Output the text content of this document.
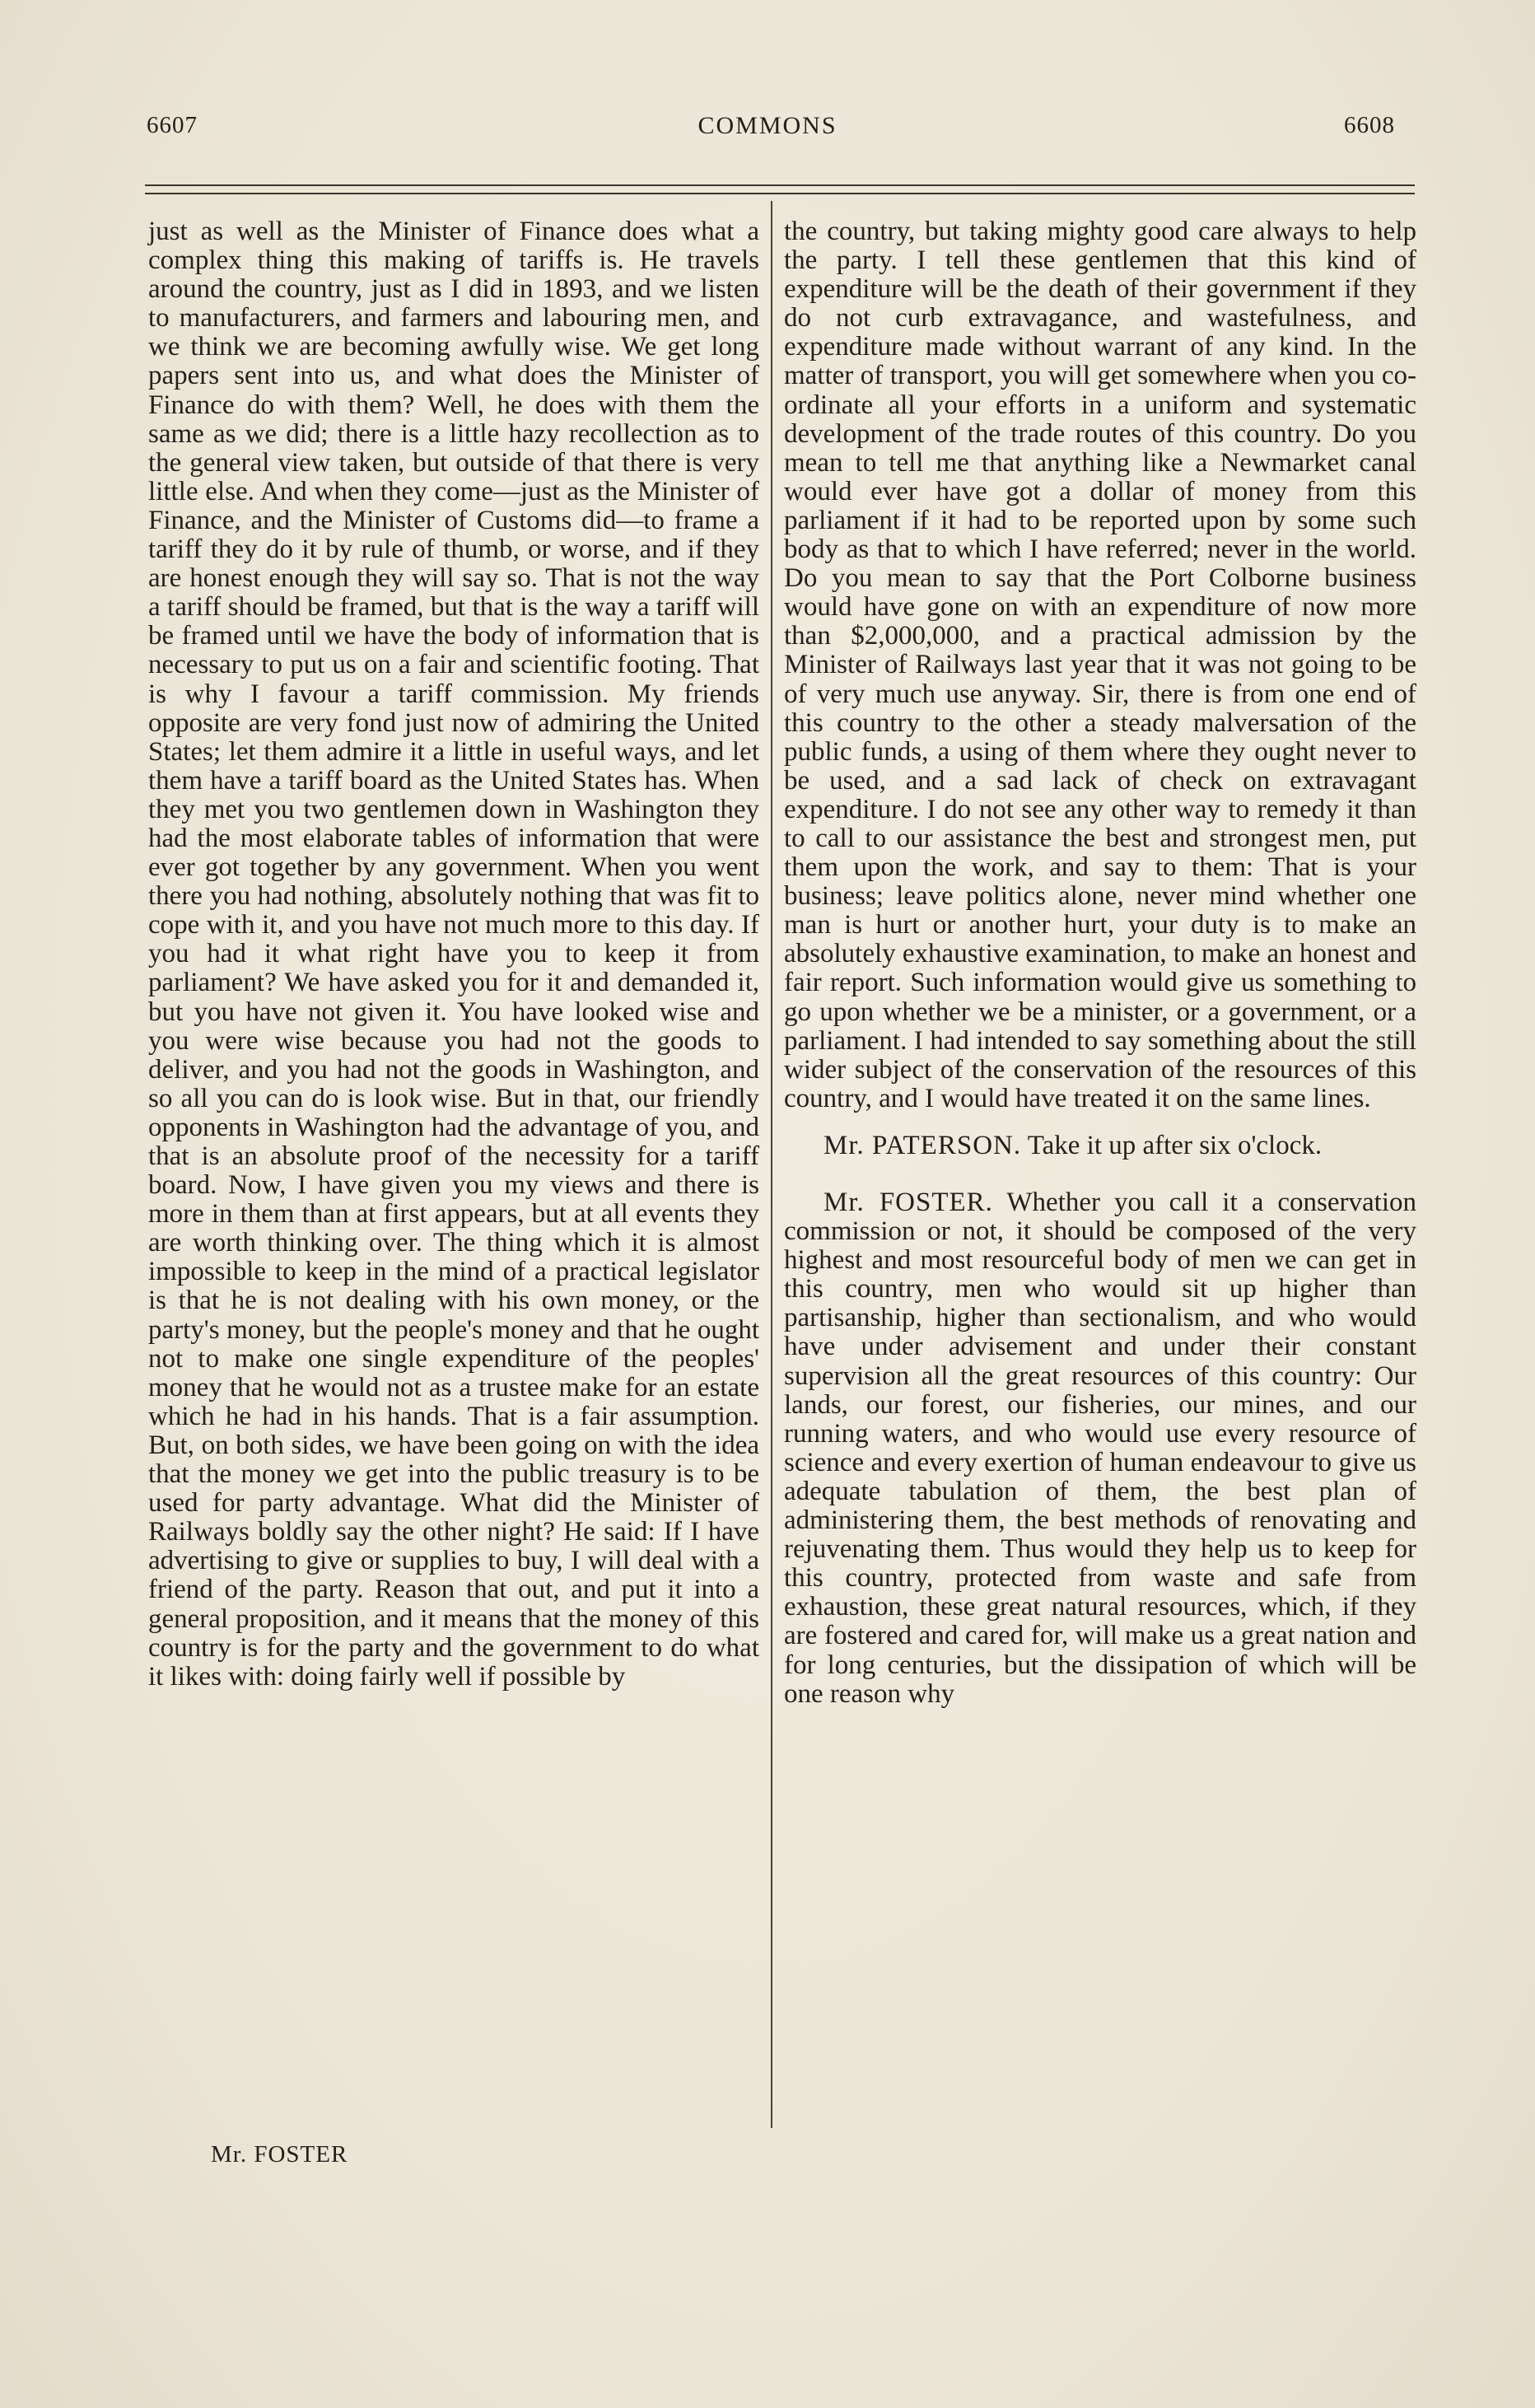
6607	COMMONS	6608

just as well as the Minister of Finance does what a complex thing this making of tariffs is. He travels around the country, just as I did in 1893, and we listen to manufacturers, and farmers and labouring men, and we think we are becoming awfully wise. We get long papers sent into us, and what does the Minister of Finance do with them? Well, he does with them the same as we did; there is a little hazy recollection as to the general view taken, but outside of that there is very little else. And when they come—just as the Minister of Finance, and the Minister of Customs did—to frame a tariff they do it by rule of thumb, or worse, and if they are honest enough they will say so. That is not the way a tariff should be framed, but that is the way a tariff will be framed until we have the body of information that is necessary to put us on a fair and scientific footing. That is why I favour a tariff commission. My friends opposite are very fond just now of admiring the United States; let them admire it a little in useful ways, and let them have a tariff board as the United States has. When they met you two gentlemen down in Washington they had the most elaborate tables of information that were ever got together by any government. When you went there you had nothing, absolutely nothing that was fit to cope with it, and you have not much more to this day. If you had it what right have you to keep it from parliament? We have asked you for it and demanded it, but you have not given it. You have looked wise and you were wise because you had not the goods to deliver, and you had not the goods in Washington, and so all you can do is look wise. But in that, our friendly opponents in Washington had the advantage of you, and that is an absolute proof of the necessity for a tariff board. Now, I have given you my views and there is more in them than at first appears, but at all events they are worth thinking over. The thing which it is almost impossible to keep in the mind of a practical legislator is that he is not dealing with his own money, or the party's money, but the people's money and that he ought not to make one single expenditure of the peoples' money that he would not as a trustee make for an estate which he had in his hands. That is a fair assumption. But, on both sides, we have been going on with the idea that the money we get into the public treasury is to be used for party advantage. What did the Minister of Railways boldly say the other night? He said: If I have advertising to give or supplies to buy, I will deal with a friend of the party. Reason that out, and put it into a general proposition, and it means that the money of this country is for the party and the government to do what it likes with: doing fairly well if possible by

the country, but taking mighty good care always to help the party. I tell these gentlemen that this kind of expenditure will be the death of their government if they do not curb extravagance, and wastefulness, and expenditure made without warrant of any kind. In the matter of transport, you will get somewhere when you co-ordinate all your efforts in a uniform and systematic development of the trade routes of this country. Do you mean to tell me that anything like a Newmarket canal would ever have got a dollar of money from this parliament if it had to be reported upon by some such body as that to which I have referred; never in the world. Do you mean to say that the Port Colborne business would have gone on with an expenditure of now more than $2,000,000, and a practical admission by the Minister of Railways last year that it was not going to be of very much use anyway. Sir, there is from one end of this country to the other a steady malversation of the public funds, a using of them where they ought never to be used, and a sad lack of check on extravagant expenditure. I do not see any other way to remedy it than to call to our assistance the best and strongest men, put them upon the work, and say to them: That is your business; leave politics alone, never mind whether one man is hurt or another hurt, your duty is to make an absolutely exhaustive examination, to make an honest and fair report. Such information would give us something to go upon whether we be a minister, or a government, or a parliament. I had intended to say something about the still wider subject of the conservation of the resources of this country, and I would have treated it on the same lines.

Mr. PATERSON. Take it up after six o'clock.

Mr. FOSTER. Whether you call it a conservation commission or not, it should be composed of the very highest and most resourceful body of men we can get in this country, men who would sit up higher than partisanship, higher than sectionalism, and who would have under advisement and under their constant supervision all the great resources of this country: Our lands, our forest, our fisheries, our mines, and our running waters, and who would use every resource of science and every exertion of human endeavour to give us adequate tabulation of them, the best plan of administering them, the best methods of renovating and rejuvenating them. Thus would they help us to keep for this country, protected from waste and safe from exhaustion, these great natural resources, which, if they are fostered and cared for, will make us a great nation and for long centuries, but the dissipation of which will be one reason why

Mr. FOSTER
